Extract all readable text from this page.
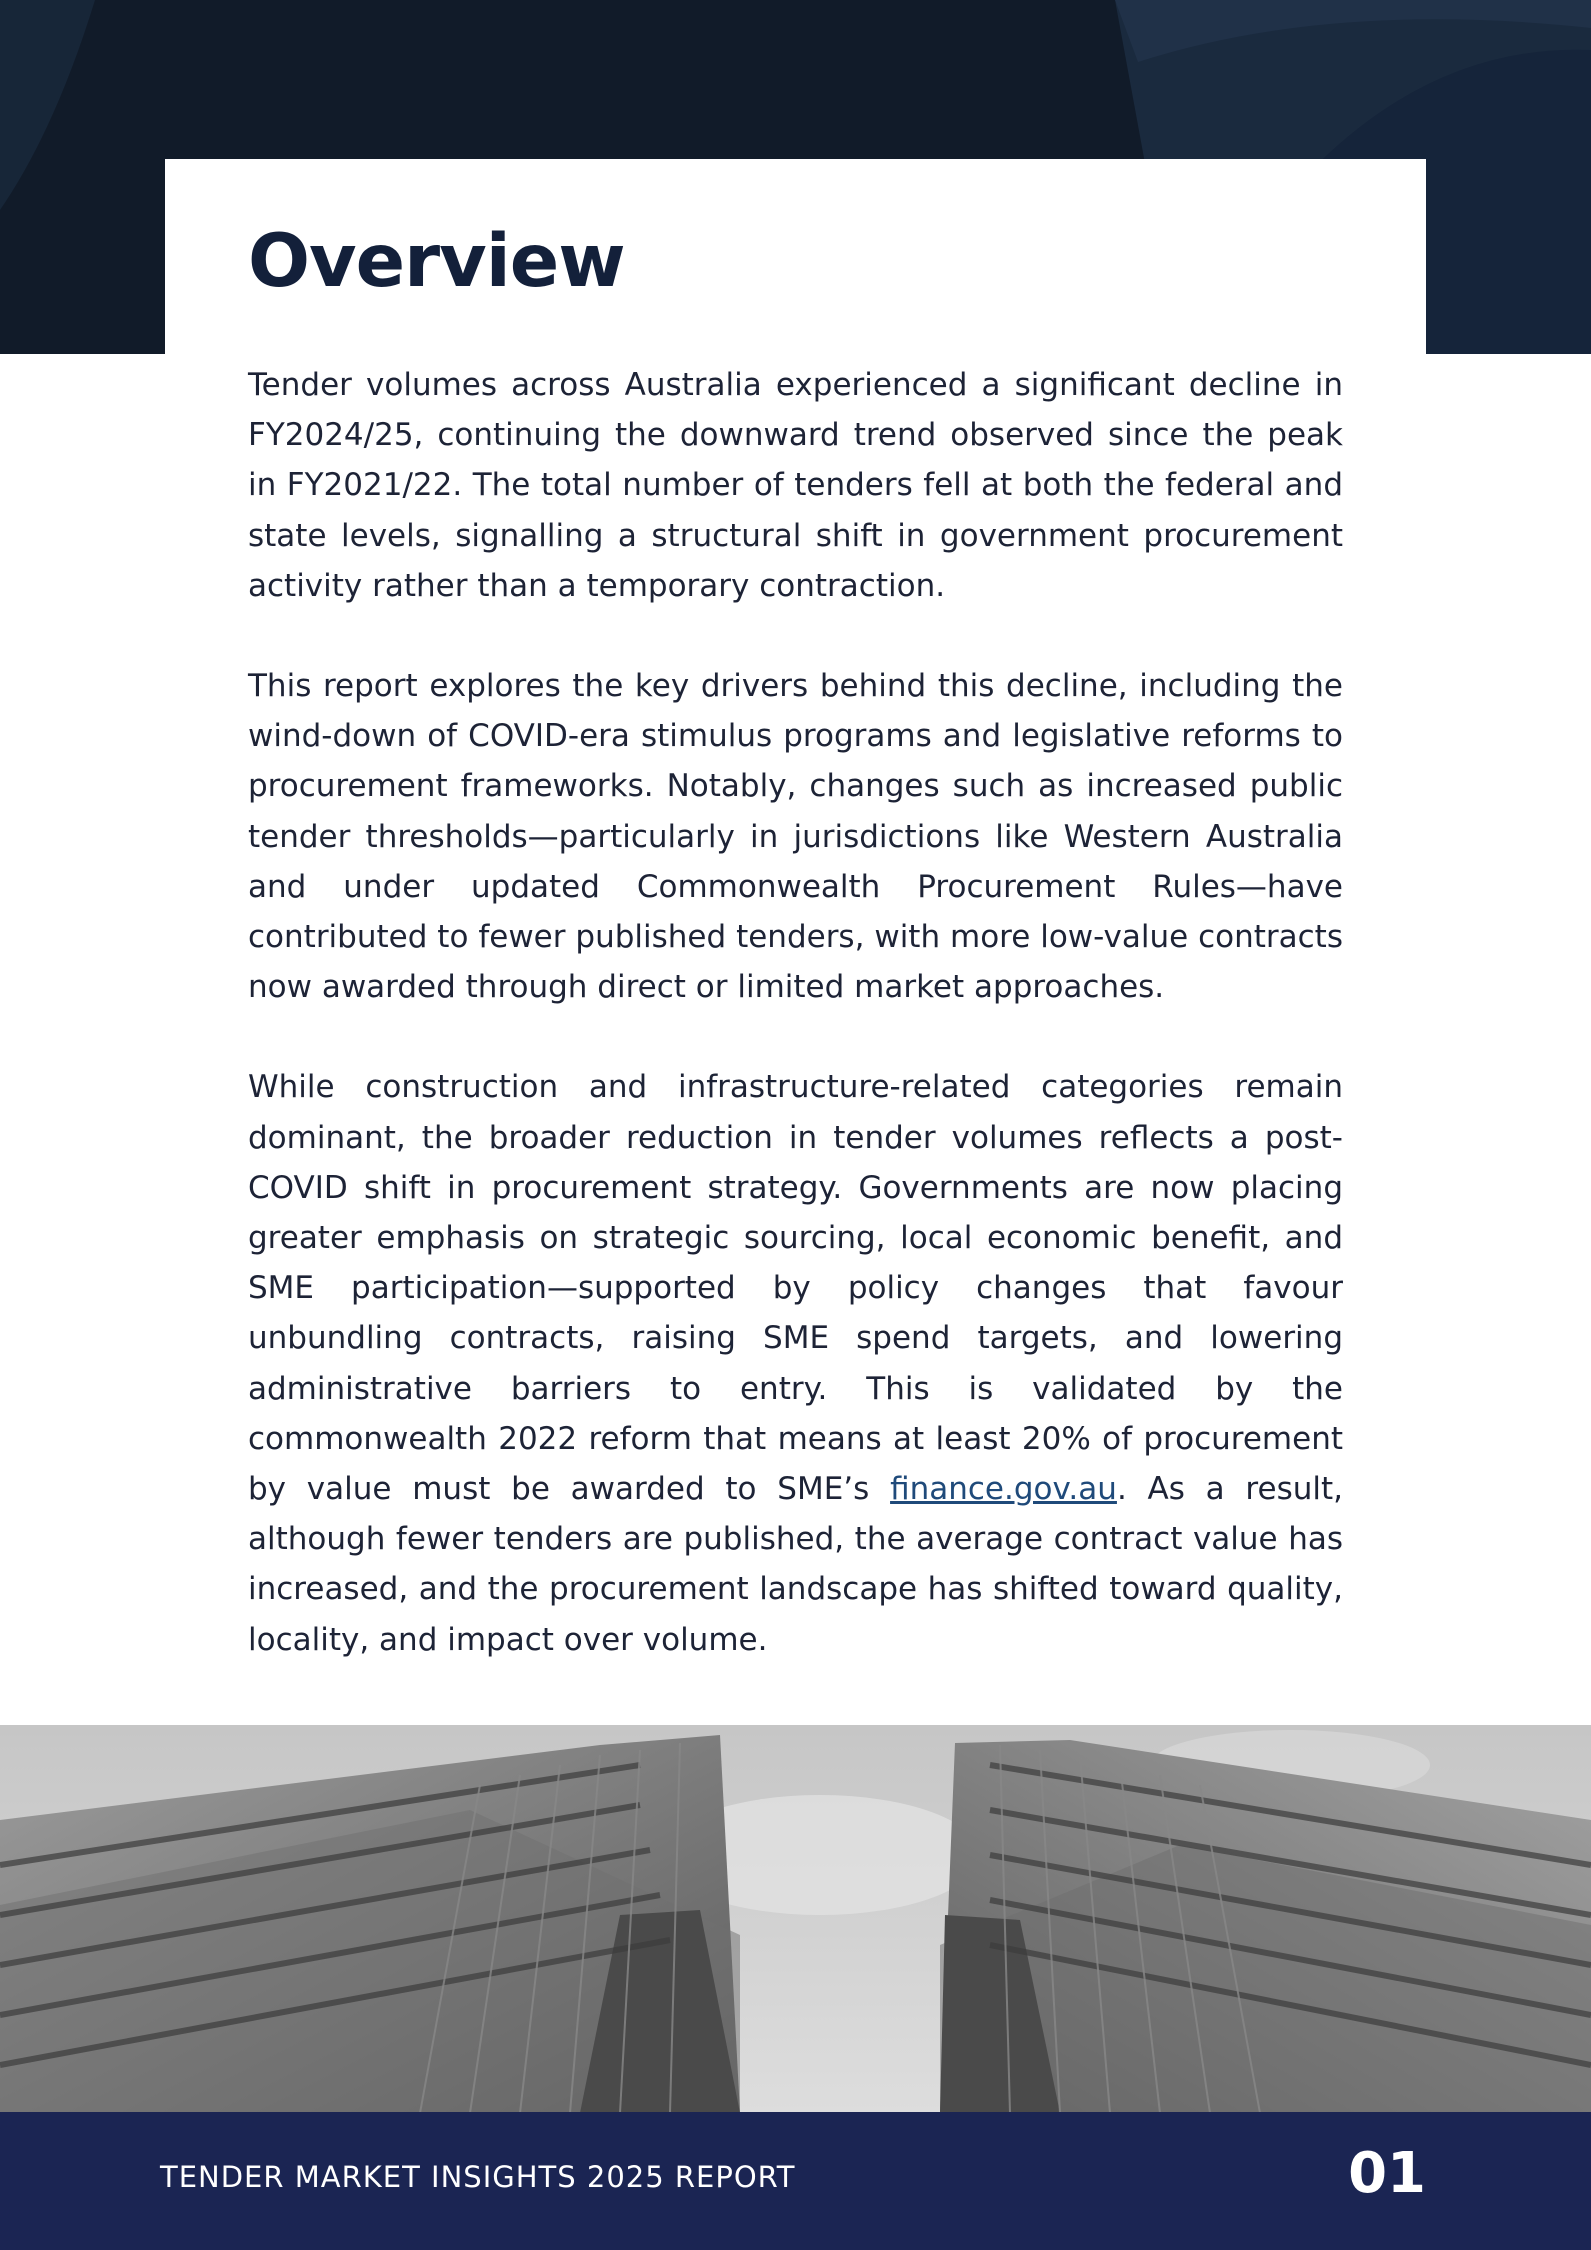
Overview

Tender volumes across Australia experienced a significant decline in FY2024/25, continuing the downward trend observed since the peak in FY2021/22. The total number of tenders fell at both the federal and state levels, signalling a structural shift in government procurement activity rather than a temporary contraction.

This report explores the key drivers behind this decline, including the wind-down of COVID-era stimulus programs and legislative reforms to procurement frameworks. Notably, changes such as increased public tender thresholds—particularly in jurisdictions like Western Australia and under updated Commonwealth Procurement Rules—have contributed to fewer published tenders, with more low-value contracts now awarded through direct or limited market approaches.

While construction and infrastructure-related categories remain dominant, the broader reduction in tender volumes reflects a post-COVID shift in procurement strategy. Governments are now placing greater emphasis on strategic sourcing, local economic benefit, and SME participation—supported by policy changes that favour unbundling contracts, raising SME spend targets, and lowering administrative barriers to entry. This is validated by the commonwealth 2022 reform that means at least 20% of procurement by value must be awarded to SME’s finance.gov.au. As a result, although fewer tenders are published, the average contract value has increased, and the procurement landscape has shifted toward quality, locality, and impact over volume.

TENDER MARKET INSIGHTS 2025 REPORT	01
